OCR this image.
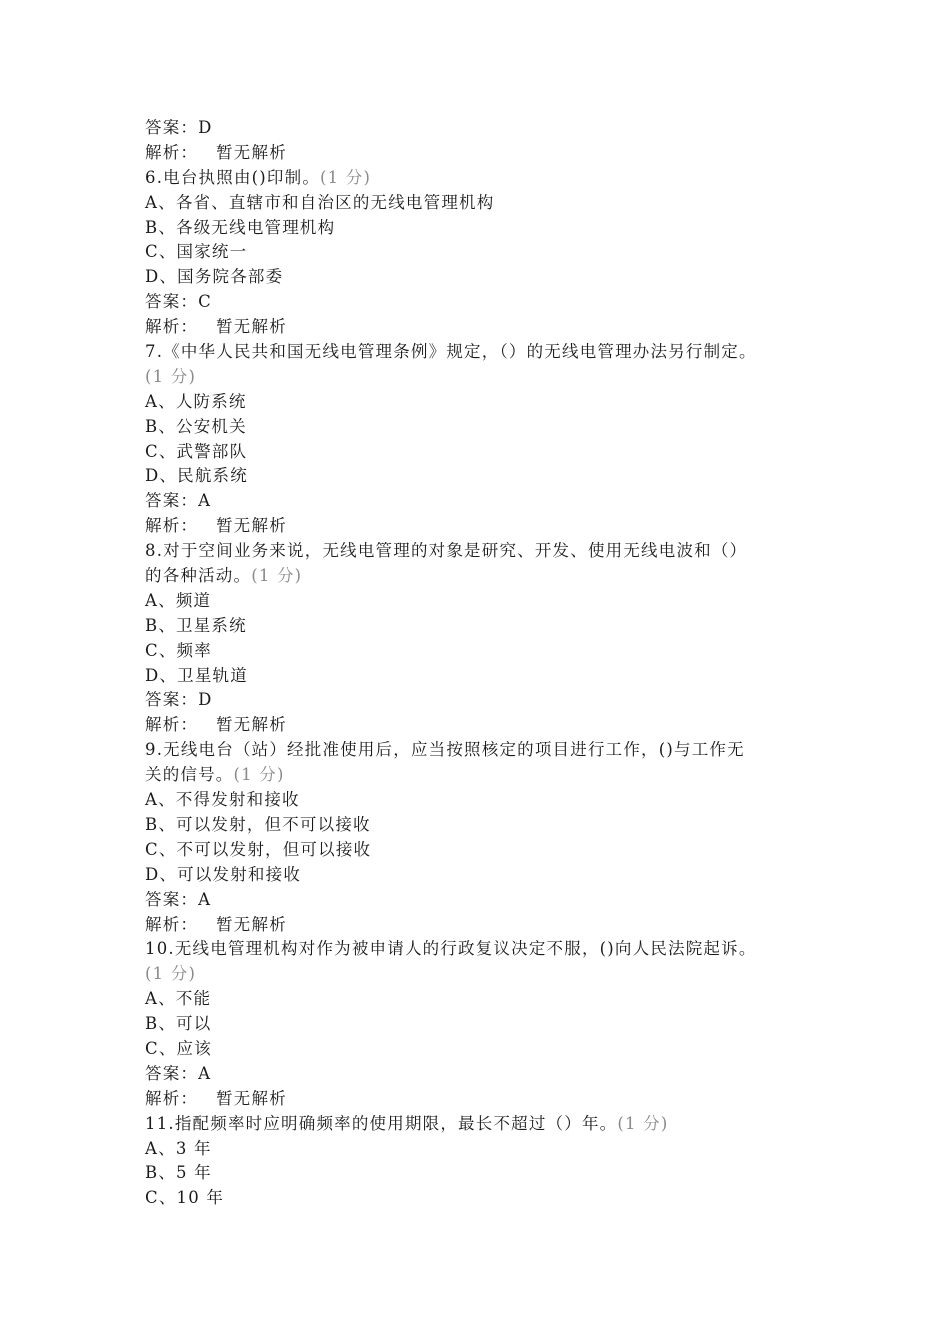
答案：D
解析： 暂无解析
6.电台执照由()印制。(1 分)
A、各省、直辖市和自治区的无线电管理机构
B、各级无线电管理机构
C、国家统一
D、国务院各部委
答案：C
解析： 暂无解析
7.《中华人民共和国无线电管理条例》规定，（）的无线电管理办法另行制定。
(1 分)
A、人防系统
B、公安机关
C、武警部队
D、民航系统
答案：A
解析： 暂无解析
8.对于空间业务来说，无线电管理的对象是研究、开发、使用无线电波和（）
的各种活动。(1 分)
A、频道
B、卫星系统
C、频率
D、卫星轨道
答案：D
解析： 暂无解析
9.无线电台（站）经批准使用后，应当按照核定的项目进行工作，()与工作无
关的信号。(1 分)
A、不得发射和接收
B、可以发射，但不可以接收
C、不可以发射，但可以接收
D、可以发射和接收
答案：A
解析： 暂无解析
10.无线电管理机构对作为被申请人的行政复议决定不服，()向人民法院起诉。
(1 分)
A、不能
B、可以
C、应该
答案：A
解析： 暂无解析
11.指配频率时应明确频率的使用期限，最长不超过（）年。(1 分)
A、3 年
B、5 年
C、10 年
